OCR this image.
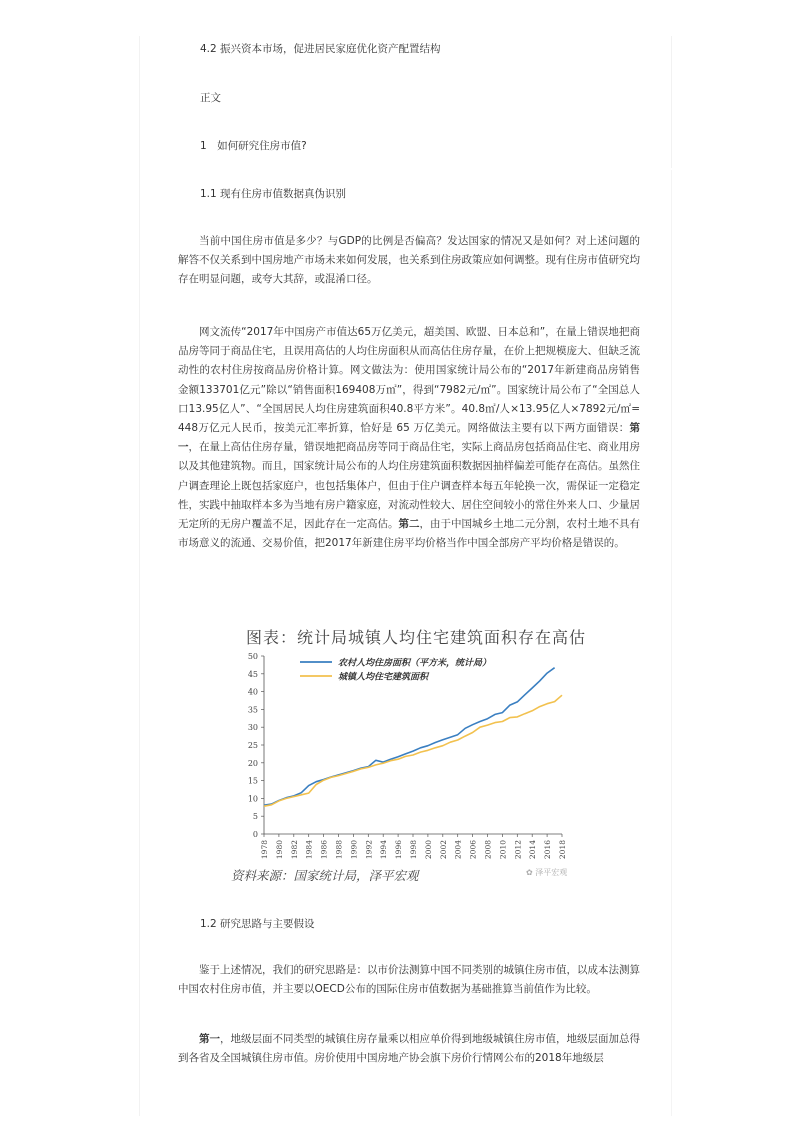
4.2 振兴资本市场，促进居民家庭优化资产配置结构
正文
1　如何研究住房市值?
1.1 现有住房市值数据真伪识别
当前中国住房市值是多少？与GDP的比例是否偏高？发达国家的情况又是如何？对上述问题的解答不仅关系到中国房地产市场未来如何发展，也关系到住房政策应如何调整。现有住房市值研究均存在明显问题，或夸大其辞，或混淆口径。
网文流传“2017年中国房产市值达65万亿美元，超美国、欧盟、日本总和”，在量上错误地把商品房等同于商品住宅，且误用高估的人均住房面积从而高估住房存量，在价上把规模庞大、但缺乏流动性的农村住房按商品房价格计算。网文做法为：使用国家统计局公布的“2017年新建商品房销售金额133701亿元”除以“销售面积169408万㎡”，得到“7982元/㎡”。国家统计局公布了“全国总人口13.95亿人”、“全国居民人均住房建筑面积40.8平方米”。40.8㎡/人×13.95亿人×7892元/㎡=448万亿元人民币，按美元汇率折算，恰好是 65 万亿美元。网络做法主要有以下两方面错误：第一，在量上高估住房存量，错误地把商品房等同于商品住宅，实际上商品房包括商品住宅、商业用房以及其他建筑物。而且，国家统计局公布的人均住房建筑面积数据因抽样偏差可能存在高估。虽然住户调查理论上既包括家庭户，也包括集体户，但由于住户调查样本每五年轮换一次，需保证一定稳定性，实践中抽取样本多为当地有房户籍家庭，对流动性较大、居住空间较小的常住外来人口、少量居无定所的无房户覆盖不足，因此存在一定高估。第二，由于中国城乡土地二元分割，农村土地不具有市场意义的流通、交易价值，把2017年新建住房平均价格当作中国全部房产平均价格是错误的。
0
5
10
15
20
25
30
35
40
45
50
1978 1980 1982 1984 1986 1988 1990 1992 1994 1996 1998 2000 2002 2004 2006 2008 2010 2012 2014 2016 2018
农村人均住房面积（平方米，统计局）
城镇人均住宅建筑面积
图表：统计局城镇人均住宅建筑面积存在高估
资料来源：国家统计局，泽平宏观	✿ 泽平宏观
1.2 研究思路与主要假设
鉴于上述情况，我们的研究思路是：以市价法测算中国不同类别的城镇住房市值，以成本法测算中国农村住房市值，并主要以OECD公布的国际住房市值数据为基础推算当前值作为比较。
第一，地级层面不同类型的城镇住房存量乘以相应单价得到地级城镇住房市值，地级层面加总得到各省及全国城镇住房市值。房价使用中国房地产协会旗下房价行情网公布的2018年地级层
